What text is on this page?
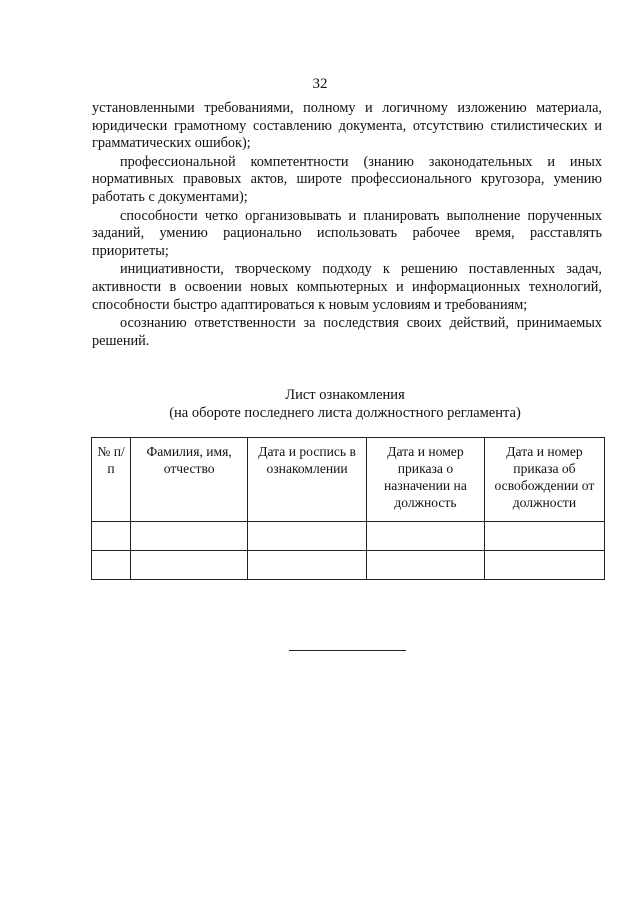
32

установленными требованиями, полному и логичному изложению материала, юридически грамотному составлению документа, отсутствию стилистических и грамматических ошибок);

профессиональной компетентности (знанию законодательных и иных нормативных правовых актов, широте профессионального кругозора, умению работать с документами);

способности четко организовывать и планировать выполнение порученных заданий, умению рационально использовать рабочее время, расставлять приоритеты;

инициативности, творческому подходу к решению поставленных задач, активности в освоении новых компьютерных и информационных технологий, способности быстро адаптироваться к новым условиям и требованиям;

осознанию ответственности за последствия своих действий, принимаемых решений.

Лист ознакомления
(на обороте последнего листа должностного регламента)
№ п/п	Фамилия, имя, отчество	Дата и роспись в ознакомлении	Дата и номер приказа о назначении на должность	Дата и номер приказа об освобождении от должности
